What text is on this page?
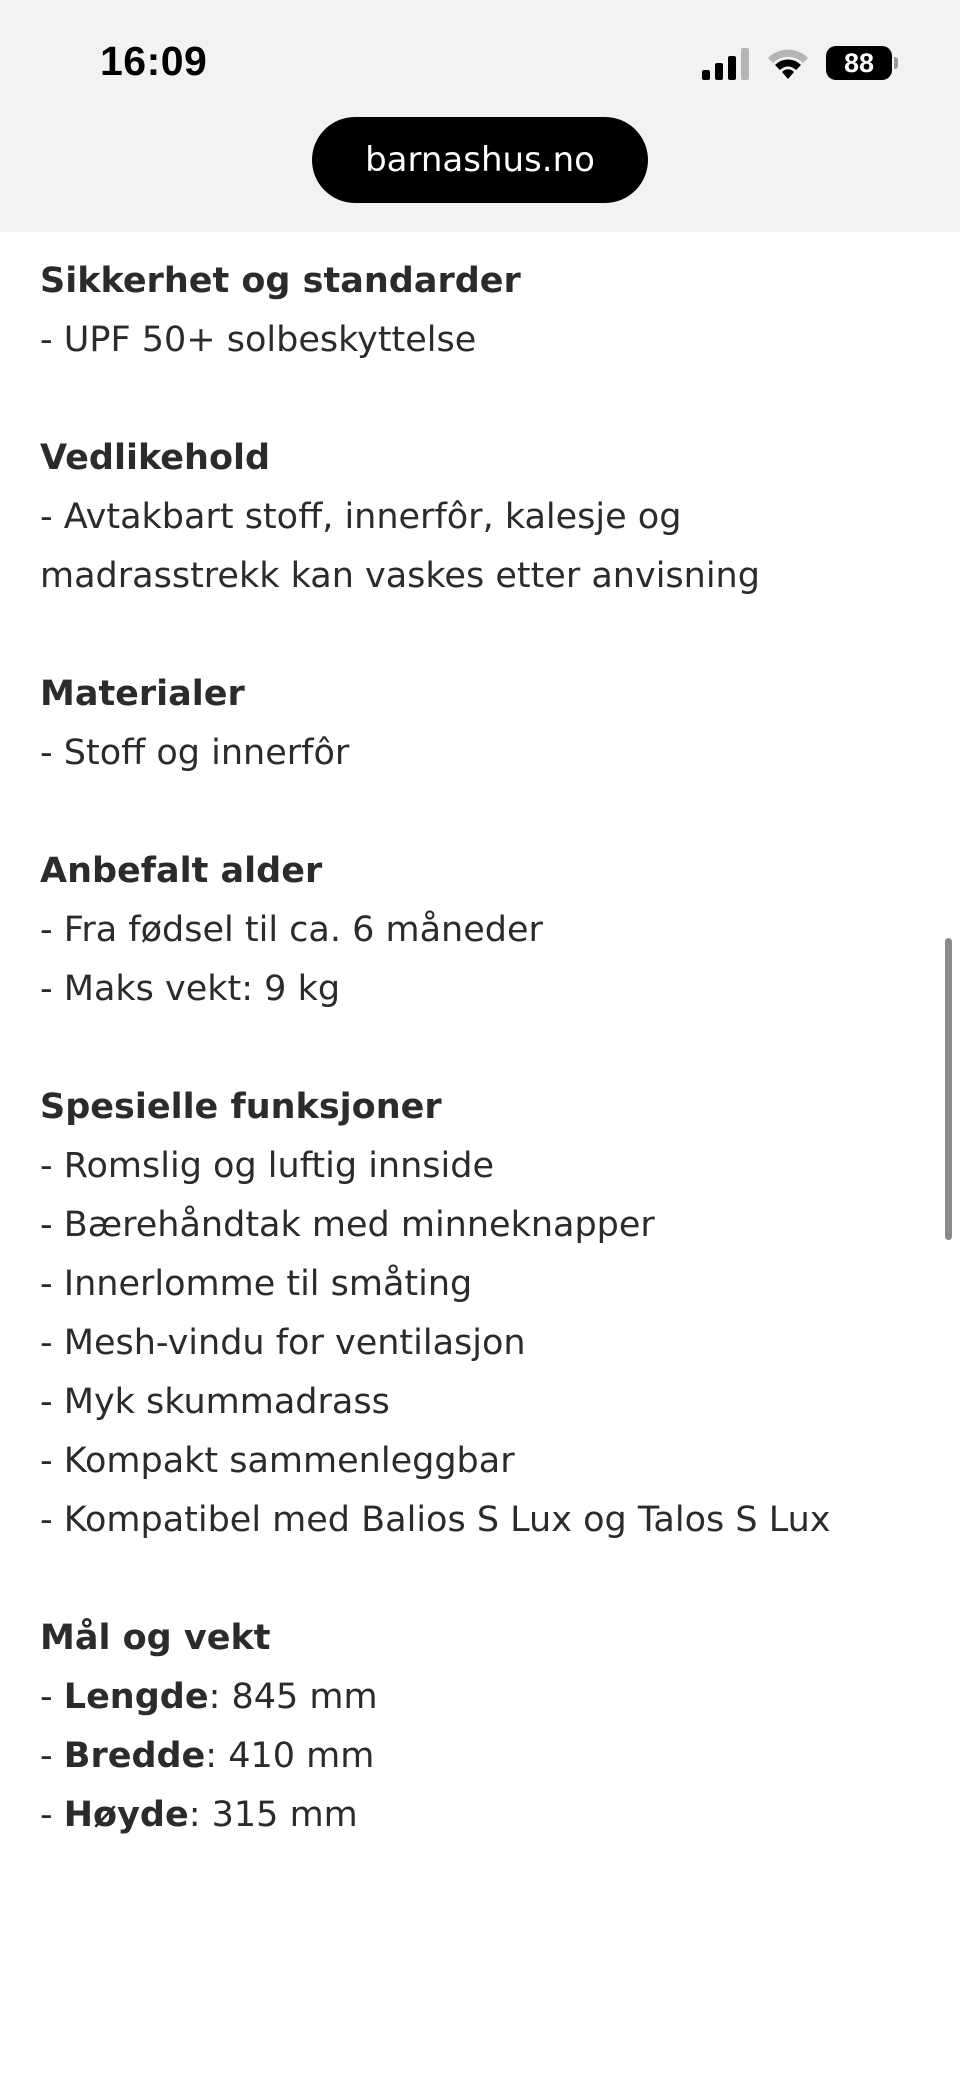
16:09	88
barnashus.no
Sikkerhet og standarder
- UPF 50+ solbeskyttelse
Vedlikehold
- Avtakbart stoff, innerfôr, kalesje og madrasstrekk kan vaskes etter anvisning
Materialer
- Stoff og innerfôr
Anbefalt alder
- Fra fødsel til ca. 6 måneder
- Maks vekt: 9 kg
Spesielle funksjoner
- Romslig og luftig innside
- Bærehåndtak med minneknapper
- Innerlomme til småting
- Mesh-vindu for ventilasjon
- Myk skummadrass
- Kompakt sammenleggbar
- Kompatibel med Balios S Lux og Talos S Lux
Mål og vekt
- Lengde: 845 mm
- Bredde: 410 mm
- Høyde: 315 mm
